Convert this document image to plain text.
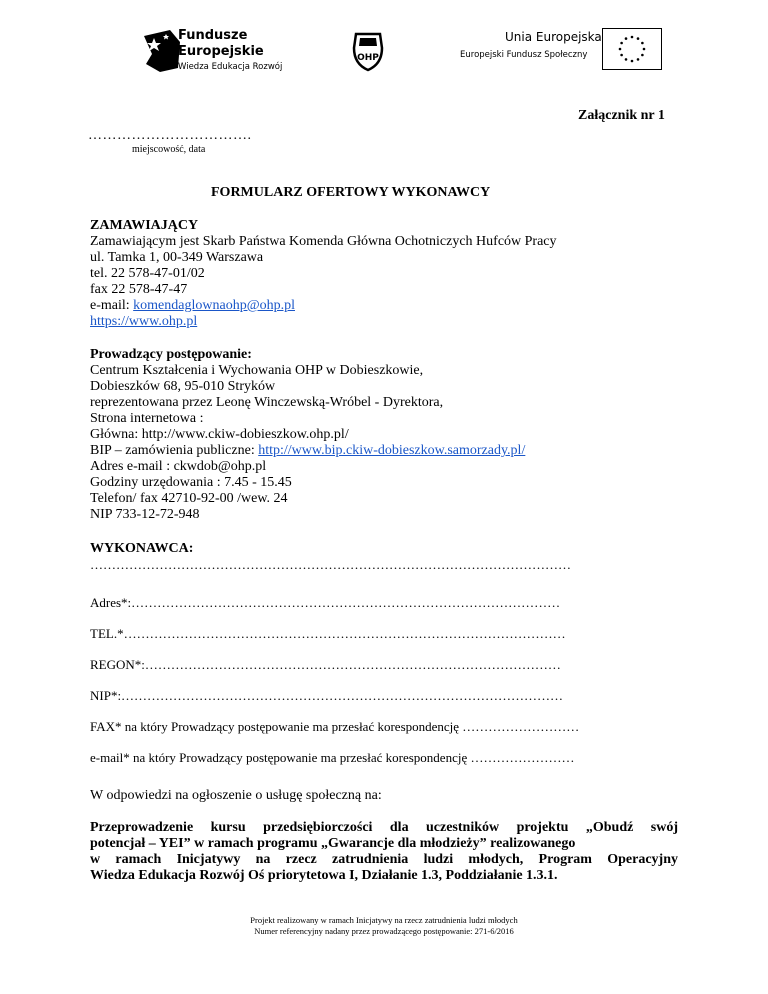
Fundusze
Europejskie
Wiedza Edukacja Rozwój
OHP
Unia Europejska
Europejski Fundusz Społeczny
Załącznik nr 1
…………………………….
miejscowość, data
FORMULARZ OFERTOWY WYKONAWCY
ZAMAWIAJĄCY
Zamawiającym jest Skarb Państwa Komenda Główna Ochotniczych Hufców Pracy
ul. Tamka 1, 00-349 Warszawa
tel. 22 578-47-01/02
fax 22 578-47-47
e-mail: komendaglownaohp@ohp.pl
https://www.ohp.pl
Prowadzący postępowanie:
Centrum Kształcenia i Wychowania OHP w Dobieszkowie,
Dobieszków 68, 95-010 Stryków
reprezentowana przez Leonę Winczewską-Wróbel - Dyrektora,
Strona internetowa :
Główna: http://www.ckiw-dobieszkow.ohp.pl/
BIP – zamówienia publiczne: http://www.bip.ckiw-dobieszkow.samorzady.pl/
Adres e-mail : ckwdob@ohp.pl
Godziny urzędowania : 7.45 - 15.45
Telefon/ fax 42710-92-00 /wew. 24
NIP 733-12-72-948
WYKONAWCA:
…………………………………………………………………………………………………
Adres*:………………………………………………………………………………………
TEL.*…………………………………………………………………………………………
REGON*:……………………………………………………………………………………
NIP*:…………………………………………………………………………………………
FAX* na który Prowadzący postępowanie ma przesłać korespondencję ………………………
e-mail* na który Prowadzący postępowanie ma przesłać korespondencję ……………………
W odpowiedzi na ogłoszenie o usługę społeczną na:
Przeprowadzenie kursu przedsiębiorczości dla uczestników projektu „Obudź swój
potencjał – YEI” w ramach programu „Gwarancje dla młodzieży” realizowanego
w ramach Inicjatywy na rzecz zatrudnienia ludzi młodych, Program Operacyjny
Wiedza Edukacja Rozwój Oś priorytetowa I, Działanie 1.3, Poddziałanie 1.3.1.
Projekt realizowany w ramach Inicjatywy na rzecz zatrudnienia ludzi młodych
Numer referencyjny nadany przez prowadzącego postępowanie: 271-6/2016
